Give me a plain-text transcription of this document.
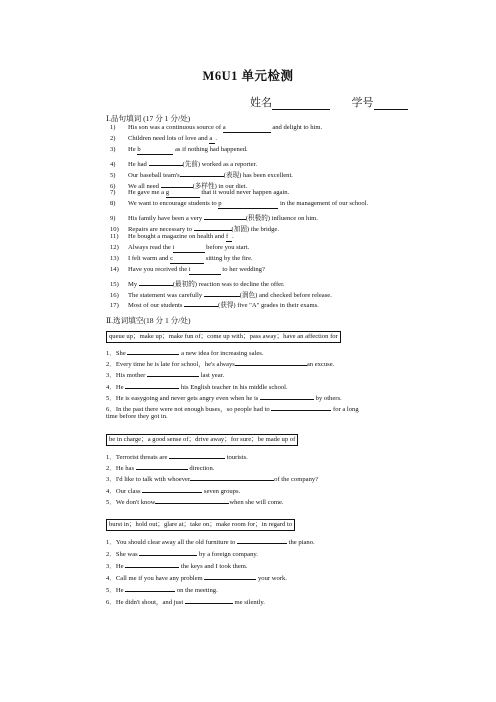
M6U1 单元检测
姓名	学号
Ⅰ.品句填词 (17 分 1 分/处)
1) His son was a continuous source of a	and delight to him.
2) Children need lots of love and a .
3) He b	as if nothing had happened.
4) He had	(先前) worked as a reporter.
5) Our baseball team's	(表现) has been excellent.
6) We all need	(多样性) in our diet.
7) He gave me a g	that it would never happen again.
8) We want to encourage students to p	in the management of our school.
9) His family have been a very	(积极的) influence on him.
10) Repairs are necessary to	(加固) the bridge.
11) He bought a magazine on health and f .
12) Always read the i	before you start.
13) I felt warm and c	sitting by the fire.
14) Have you received the i	to her wedding?
15) My	(最初的) reaction was to decline the offer.
16) The statement was carefully	(润色) and checked before release.
17) Most of our students	(获得) five "A" grades in their exams.
Ⅱ.选词填空(18 分 1 分/处)
queue up；make up；make fun of；come up with；pass away；have an affection for
1．She	a new idea for increasing sales.
2．Every time he is late for school，he's always	an excuse.
3．His mother	last year.
4．He	his English teacher in his middle school.
5．He is easygoing and never gets angry even when he is	by others.
6．In the past there were not enough buses，so people had to	for a long
time before they got in.
be in charge；a good sense of；drive away；for sure；be made up of
1．Terrorist threats are	tourists.
2．He has	direction.
3．I'd like to talk with whoever	of the company?
4．Our class	seven groups.
5．We don't know	when she will come.
burst in；hold out；glare at；take on；make room for；in regard to
1．You should clear away all the old furniture to	the piano.
2．She was	by a foreign company.
3．He	the keys and I took them.
4．Call me if you have any problem	your work.
5．He	on the meeting.
6．He didn't shout，and just	me silently.
